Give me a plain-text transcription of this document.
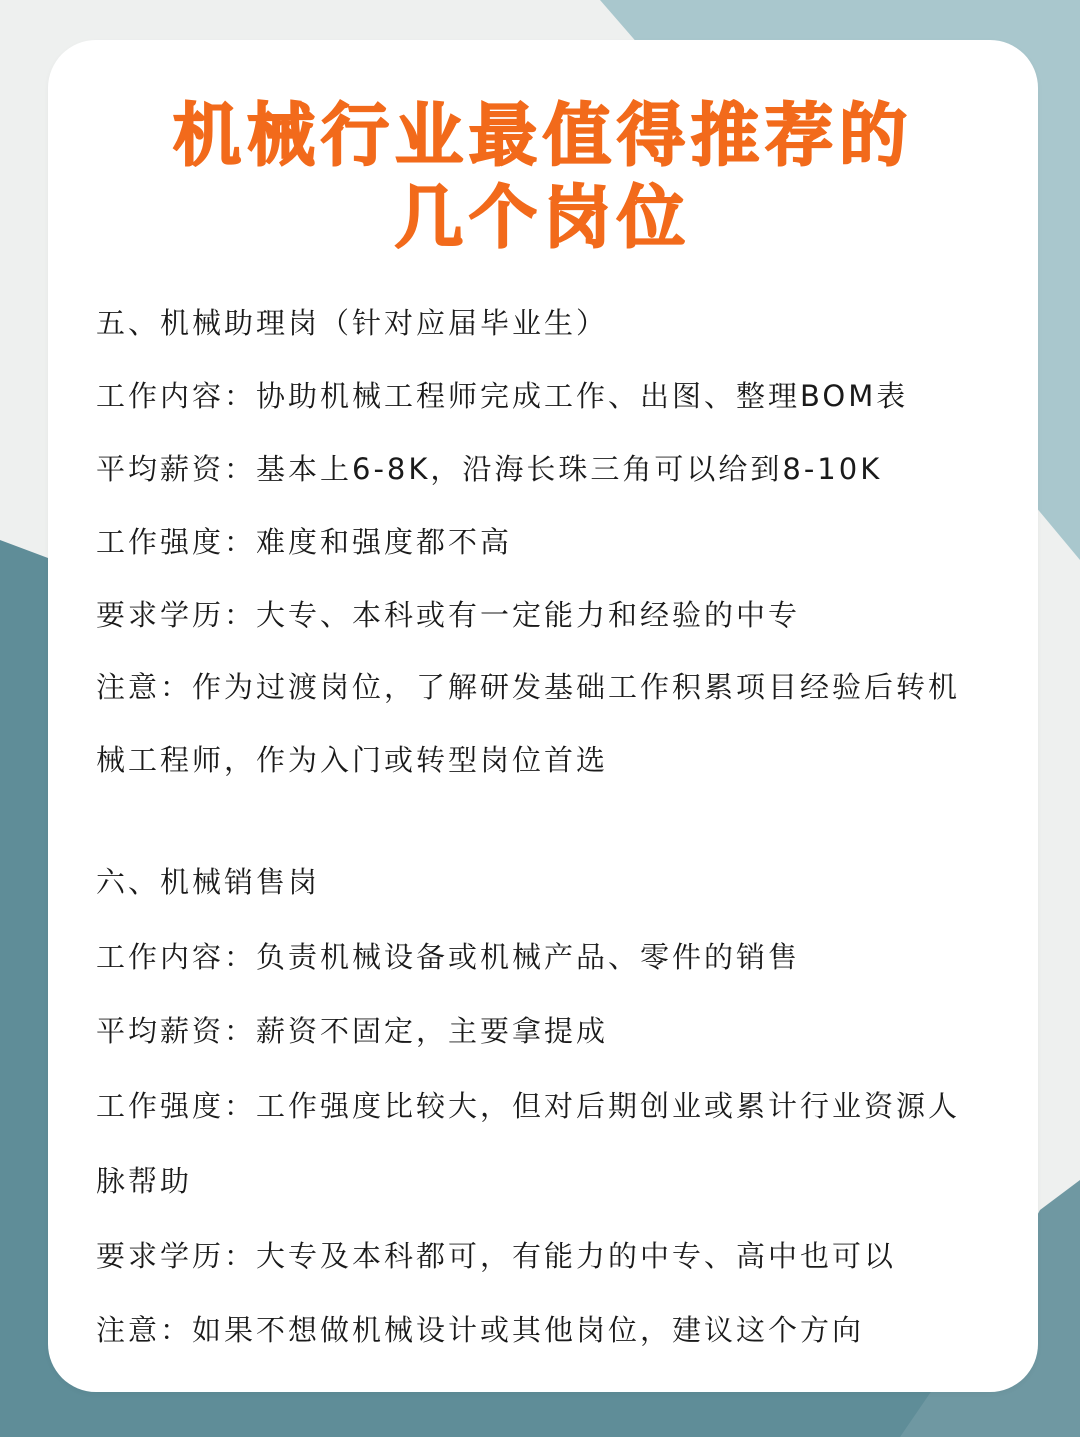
机械行业最值得推荐的
几个岗位
五、机械助理岗（针对应届毕业生）
工作内容：协助机械工程师完成工作、出图、整理BOM表
平均薪资：基本上6-8K，沿海长珠三角可以给到8-10K
工作强度：难度和强度都不高
要求学历：大专、本科或有一定能力和经验的中专
注意：作为过渡岗位，了解研发基础工作积累项目经验后转机
械工程师，作为入门或转型岗位首选
六、机械销售岗
工作内容：负责机械设备或机械产品、零件的销售
平均薪资：薪资不固定，主要拿提成
工作强度：工作强度比较大，但对后期创业或累计行业资源人
脉帮助
要求学历：大专及本科都可，有能力的中专、高中也可以
注意：如果不想做机械设计或其他岗位，建议这个方向
